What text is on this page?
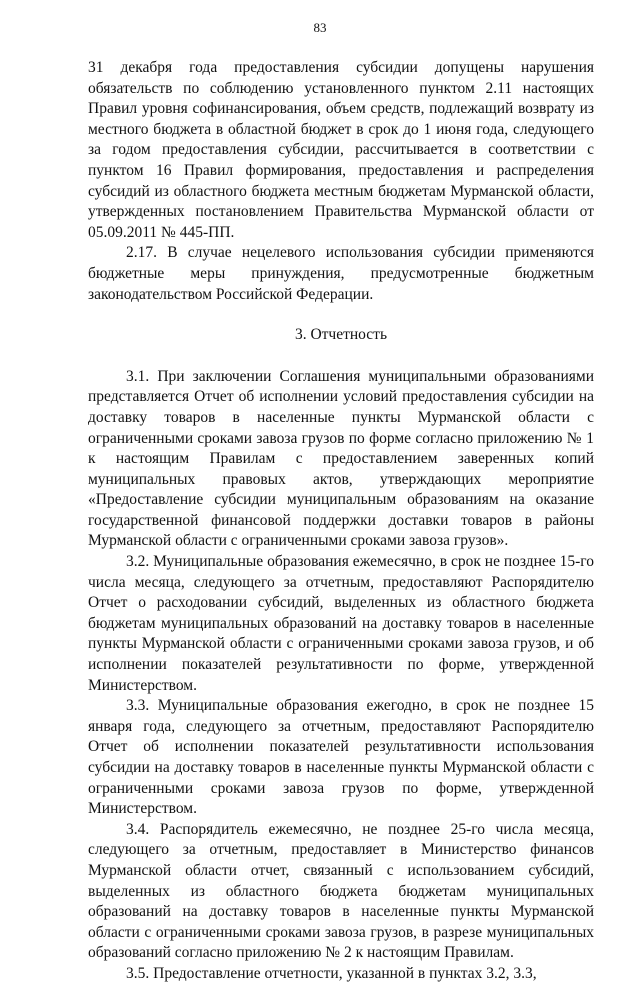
83

31 декабря года предоставления субсидии допущены нарушения обязательств по соблюдению установленного пунктом 2.11 настоящих Правил уровня софинансирования, объем средств, подлежащий возврату из местного бюджета в областной бюджет в срок до 1 июня года, следующего за годом предоставления субсидии, рассчитывается в соответствии с пунктом 16 Правил формирования, предоставления и распределения субсидий из областного бюджета местным бюджетам Мурманской области, утвержденных постановлением Правительства Мурманской области от 05.09.2011 № 445-ПП.

2.17. В случае нецелевого использования субсидии применяются бюджетные меры принуждения, предусмотренные бюджетным законодательством Российской Федерации.

3. Отчетность

3.1. При заключении Соглашения муниципальными образованиями представляется Отчет об исполнении условий предоставления субсидии на доставку товаров в населенные пункты Мурманской области с ограниченными сроками завоза грузов по форме согласно приложению № 1 к настоящим Правилам с предоставлением заверенных копий муниципальных правовых актов, утверждающих мероприятие «Предоставление субсидии муниципальным образованиям на оказание государственной финансовой поддержки доставки товаров в районы Мурманской области с ограниченными сроками завоза грузов».

3.2. Муниципальные образования ежемесячно, в срок не позднее 15-го числа месяца, следующего за отчетным, предоставляют Распорядителю Отчет о расходовании субсидий, выделенных из областного бюджета бюджетам муниципальных образований на доставку товаров в населенные пункты Мурманской области с ограниченными сроками завоза грузов, и об исполнении показателей результативности по форме, утвержденной Министерством.

3.3. Муниципальные образования ежегодно, в срок не позднее 15 января года, следующего за отчетным, предоставляют Распорядителю Отчет об исполнении показателей результативности использования субсидии на доставку товаров в населенные пункты Мурманской области с ограниченными сроками завоза грузов по форме, утвержденной Министерством.

3.4. Распорядитель ежемесячно, не позднее 25-го числа месяца, следующего за отчетным, предоставляет в Министерство финансов Мурманской области отчет, связанный с использованием субсидий, выделенных из областного бюджета бюджетам муниципальных образований на доставку товаров в населенные пункты Мурманской области с ограниченными сроками завоза грузов, в разрезе муниципальных образований согласно приложению № 2 к настоящим Правилам.

3.5. Предоставление отчетности, указанной в пунктах 3.2, 3.3,
